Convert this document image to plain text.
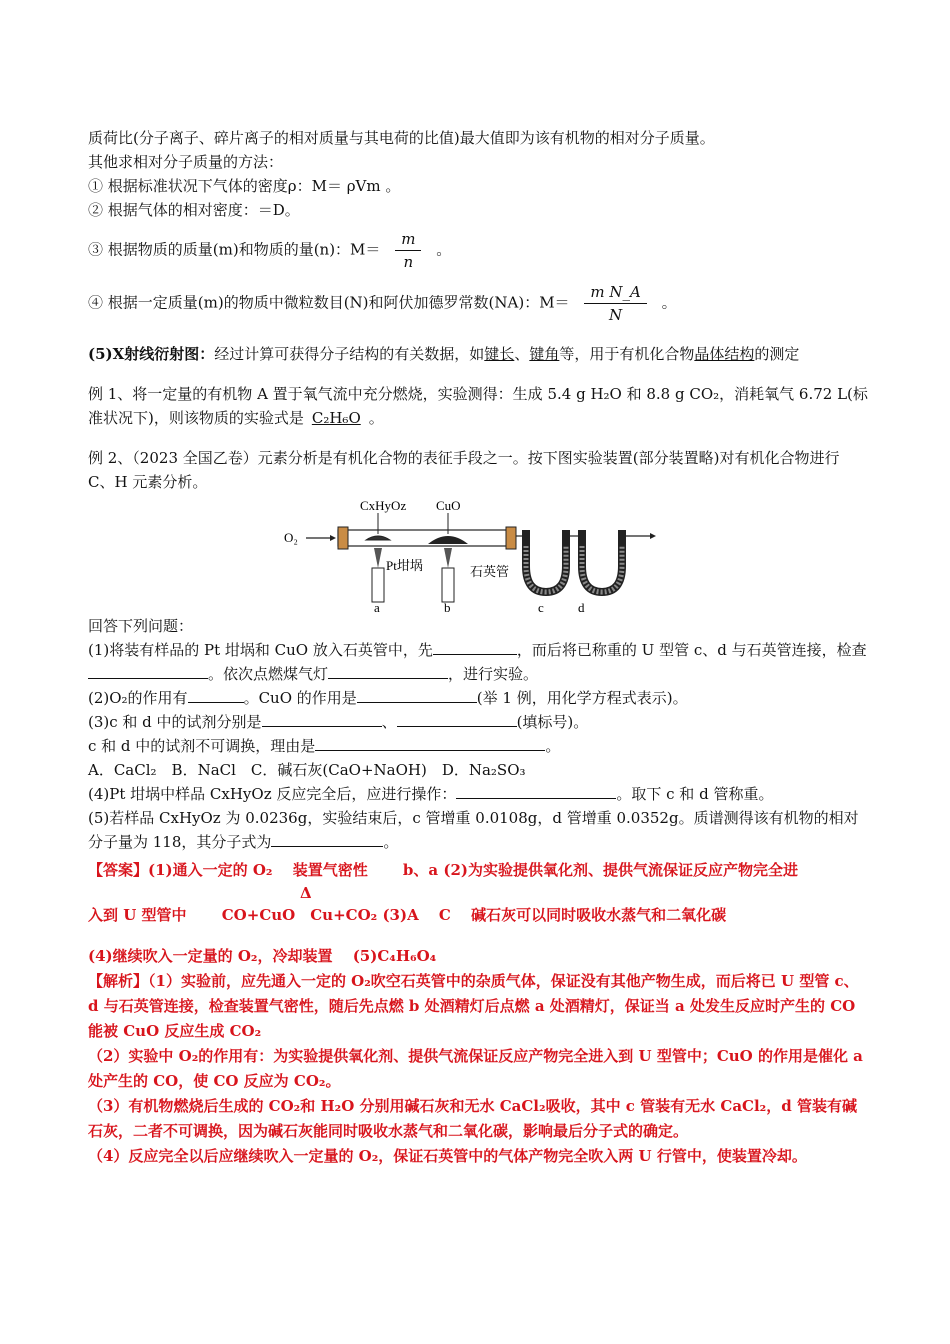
质荷比(分子离子、碎片离子的相对质量与其电荷的比值)最大值即为该有机物的相对分子质量。

其他求相对分子质量的方法：

① 根据标准状况下气体的密度ρ：M＝ ρVm 。

② 根据气体的相对密度：＝D。

③ 根据物质的质量(m)和物质的量(n)：$M= \frac{m}{n}$ 。

④ 根据一定质量(m)的物质中微粒数目(N)和阿伏加德罗常数(NA)：$M= \frac{\text{m N\_A}}{N}$ 。

(5)X射线衍射图：经过计算可获得分子结构的有关数据，如键长、键角等，用于有机化合物晶体结构的测定

例 1、将一定量的有机物 A 置于氧气流中充分燃烧，实验测得：生成 5.4 g H₂O 和 8.8 g CO₂，消耗氧气 6.72 L(标准状况下)，则该物质的实验式是 C₂H₆O 。

例 2、（2023 全国乙卷）元素分析是有机化合物的表征手段之一。按下图实验装置(部分装置略)对有机化合物进行 C、H 元素分析。

O₂
CxHyOz CuO
Pt坩埚	石英管
a	b	c	d

回答下列问题：

(1)将装有样品的 Pt 坩埚和 CuO 放入石英管中，先	，而后将已称重的 U 型管 c、d 与石英管连接，检查。依次点燃煤气灯	，进行实验。

(2)O₂的作用有	。CuO 的作用是	(举 1 例，用化学方程式表示)。

(3)c 和 d 中的试剂分别是	、	(填标号)。

c 和 d 中的试剂不可调换，理由是	。

A．CaCl₂　B．NaCl　C．碱石灰(CaO+NaOH)　D．Na₂SO₃

(4)Pt 坩埚中样品 CxHyOz 反应完全后，应进行操作：	。取下 c 和 d 管称重。

(5)若样品 CxHyOz 为 0.0236g，实验结束后，c 管增重 0.0108g，d 管增重 0.0352g。质谱测得该有机物的相对分子量为 118，其分子式为	。

【答案】(1)通入一定的 O₂　 装置气密性　　 b、a (2)为实验提供氧化剂、提供气流保证反应产物完全进

Δ

入到 U 型管中　　 CO+CuO　Cu+CO₂ (3)A　 C　 碱石灰可以同时吸收水蒸气和二氧化碳

(4)继续吹入一定量的 O₂，冷却装置　 (5)C₄H₆O₄

【解析】（1）实验前，应先通入一定的 O₂吹空石英管中的杂质气体，保证没有其他产物生成，而后将已 U 型管 c、d 与石英管连接，检查装置气密性，随后先点燃 b 处酒精灯后点燃 a 处酒精灯，保证当 a 处发生反应时产生的 CO 能被 CuO 反应生成 CO₂

（2）实验中 O₂的作用有：为实验提供氧化剂、提供气流保证反应产物完全进入到 U 型管中；CuO 的作用是催化 a 处产生的 CO，使 CO 反应为 CO₂。

（3）有机物燃烧后生成的 CO₂和 H₂O 分别用碱石灰和无水 CaCl₂吸收，其中 c 管装有无水 CaCl₂，d 管装有碱石灰，二者不可调换，因为碱石灰能同时吸收水蒸气和二氧化碳，影响最后分子式的确定。

（4）反应完全以后应继续吹入一定量的 O₂，保证石英管中的气体产物完全吹入两 U 行管中，使装置冷却。
